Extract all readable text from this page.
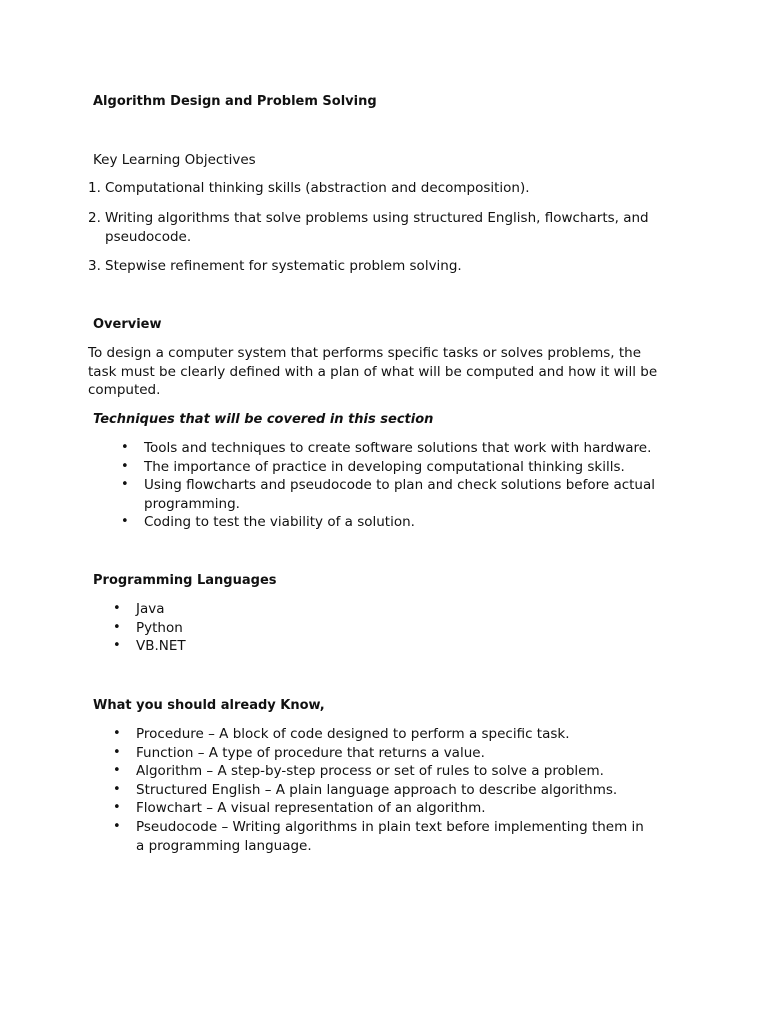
Algorithm Design and Problem Solving
Key Learning Objectives
1. Computational thinking skills (abstraction and decomposition).
2. Writing algorithms that solve problems using structured English, flowcharts, and
pseudocode.
3. Stepwise refinement for systematic problem solving.
Overview
To design a computer system that performs specific tasks or solves problems, the task must be clearly defined with a plan of what will be computed and how it will be computed.
Techniques that will be covered in this section
• Tools and techniques to create software solutions that work with hardware.
• The importance of practice in developing computational thinking skills.
• Using flowcharts and pseudocode to plan and check solutions before actual programming.
• Coding to test the viability of a solution.
Programming Languages
• Java
• Python
• VB.NET
What you should already Know,
• Procedure – A block of code designed to perform a specific task.
• Function – A type of procedure that returns a value.
• Algorithm – A step-by-step process or set of rules to solve a problem.
• Structured English – A plain language approach to describe algorithms.
• Flowchart – A visual representation of an algorithm.
• Pseudocode – Writing algorithms in plain text before implementing them in a programming language.
